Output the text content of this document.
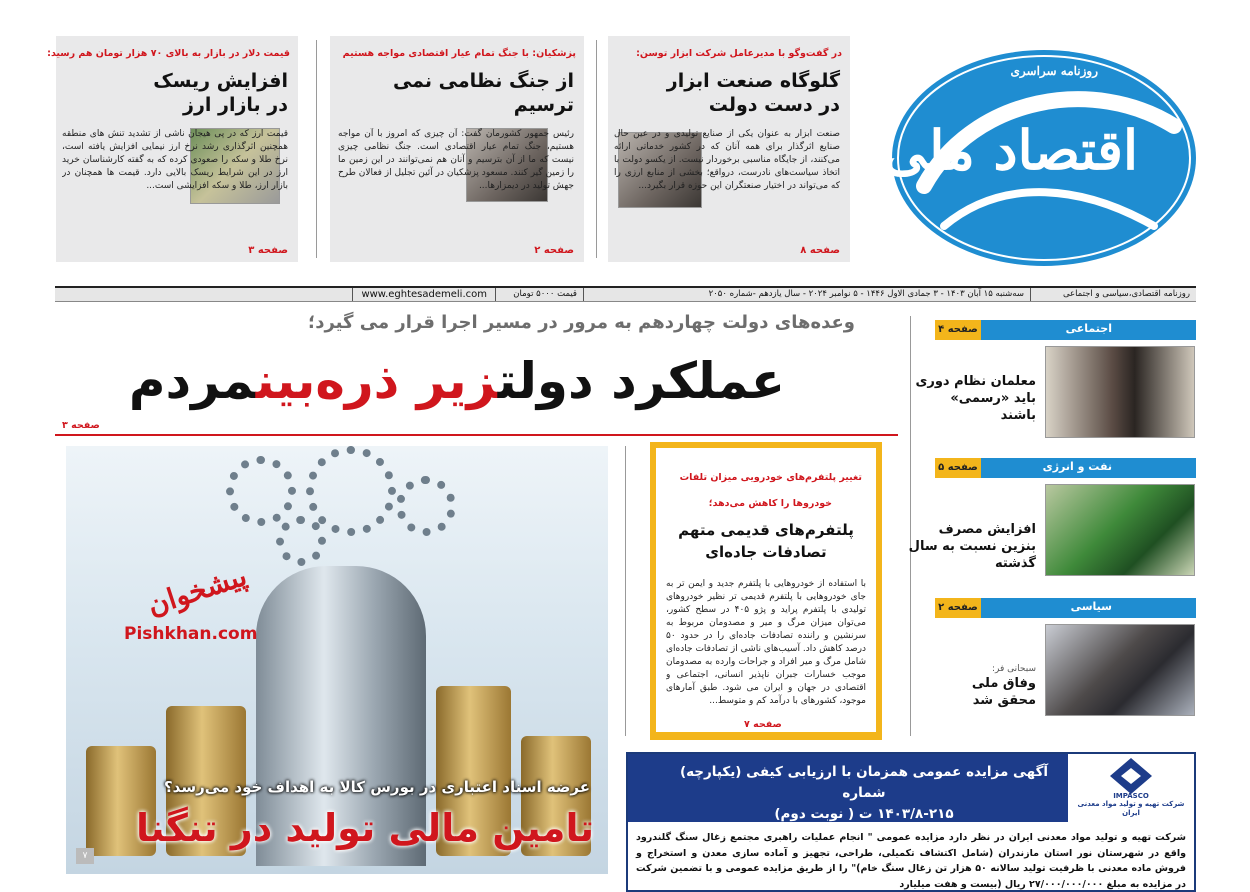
روزنامه سراسری
اقتصاد ملی
در گفت‌وگو با مدیرعامل شرکت ابزار توسن:
گلوگاه صنعت ابزار
در دست دولت
صنعت ابزار به عنوان یکی از صنایع تولیدی و در عین حال صنایع اثرگذار برای همه آنان که در کشور خدماتی ارائه می‌کنند، از جایگاه مناسبی برخوردار نیست. از یکسو دولت با اتخاذ سیاست‌های نادرست، درواقع؛ بخشی از منابع ارزی را که می‌تواند در اختیار صنعتگران این حوزه قرار بگیرد...
صفحه ۸
پزشکیان: با جنگ تمام عیار اقتصادی مواجه هستیم
از جنگ نظامی نمی ترسیم
رئیس جمهور کشورمان گفت: آن چیزی که امروز با آن مواجه هستیم، جنگ تمام عیار اقتصادی است. جنگ نظامی چیزی نیست که ما از آن بترسیم و آنان هم نمی‌توانند در این زمین ما را زمین گیر کنند. مسعود پزشکیان در آئین تجلیل از فعالان طرح جهش تولید در دیمزارها...
صفحه ۲
قیمت دلار در بازار به بالای ۷۰ هزار تومان هم رسید:
افزایش ریسک
در بازار ارز
قیمت ارز که در پی هیجان ناشی از تشدید تنش های منطقه همچنین اثرگذاری رشد نرخ ارز نیمایی افزایش یافته است، نرخ طلا و سکه را صعودی کرده که به گفته کارشناسان خرید ارز در این شرایط ریسک بالایی دارد. قیمت ها همچنان در بازار ارز، طلا و سکه افزایشی است...
صفحه ۳
روزنامه اقتصادی،سیاسی و اجتماعی
سه‌شنبه ۱۵ آبان ۱۴۰۳ - ۳ جمادی الاول ۱۴۴۶ - ۵ نوامبر ۲۰۲۴ - سال یازدهم -شماره ۲۰۵۰
قیمت ۵۰۰۰ تومان
www.eghtesademeli.com
وعده‌های دولت چهاردهم به مرور در مسیر اجرا قرار می گیرد؛
عملکرد دولتزیر ذره‌بینمردم
صفحه ۳
پیشخوان
Pishkhan.com
عرضه اسناد اعتباری در بورس کالا به اهداف خود می‌رسد؟
تامین مالی تولید در تنگنا
۷
تغییر پلتفرم‌های خودرویی میزان تلفات
خودروها را کاهش می‌دهد؛
پلتفرم‌های قدیمی متهم
تصادفات جاده‌ای
با استفاده از خودروهایی با پلتفرم جدید و ایمن تر به جای خودروهایی با پلتفرم قدیمی تر نظیر خودروهای تولیدی با پلتفرم پراید و پژو ۴۰۵ در سطح کشور، می‌توان میزان مرگ و میر و مصدومان مربوط به سرنشین و راننده تصادفات جاده‌ای را در حدود ۵۰ درصد کاهش داد. آسیب‌های ناشی از تصادفات جاده‌ای شامل مرگ و میر افراد و جراحات وارده به مصدومان موجب خسارات جبران ناپذیر انسانی، اجتماعی و اقتصادی در جهان و ایران می شود. طبق آمارهای موجود، کشورهای با درآمد کم و متوسط...
صفحه ۷
اجتماعی
صفحه ۴
معلمان نظام دوری
باید «رسمی»
باشند
نفت و انرژی
صفحه ۵
افزایش مصرف
بنزین نسبت به سال
گذشته
سیاسی
صفحه ۲
سبحانی فر:
وفاق ملی
محقق شد
آگهی مزایده عمومی همزمان با ارزیابی کیفی (یکپارچه) شماره
۱۴۰۳/۸-۲۱۵ ت ( نوبت دوم)
IMPASCO
شرکت تهیه و تولید مواد معدنی ایران
شرکت تهیه و تولید مواد معدنی ایران در نظر دارد مزایده عمومی " انجام عملیات راهبری مجتمع زغال سنگ گلندرود واقع در شهرستان نور استان مازندران (شامل اکتشاف تکمیلی، طراحی، تجهیز و آماده سازی معدن و استخراج و فروش ماده معدنی با ظرفیت تولید سالانه ۵۰ هزار تن زغال سنگ خام)" را از طریق مزایده عمومی و با تضمین شرکت در مزایده به مبلغ ۲۷/۰۰۰/۰۰۰/۰۰۰ ریال (بیست و هفت میلیارد
